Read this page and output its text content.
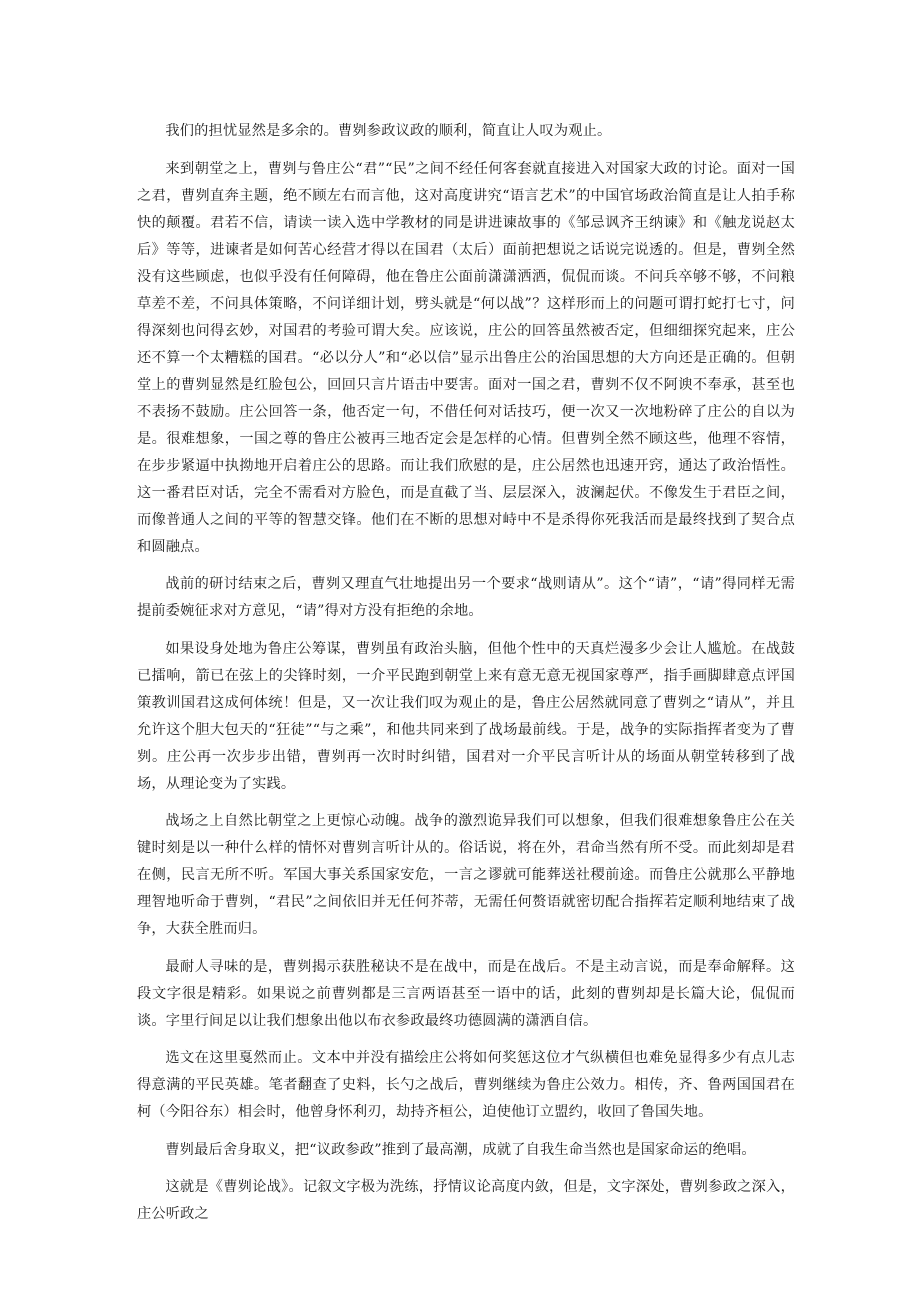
我们的担忧显然是多余的。曹刿参政议政的顺利，简直让人叹为观止。

来到朝堂之上，曹刿与鲁庄公“君”“民”之间不经任何客套就直接进入对国家大政的讨论。面对一国之君，曹刿直奔主题，绝不顾左右而言他，这对高度讲究“语言艺术”的中国官场政治简直是让人拍手称快的颠覆。君若不信，请读一读入选中学教材的同是讲进谏故事的《邹忌讽齐王纳谏》和《触龙说赵太后》等等，进谏者是如何苦心经营才得以在国君（太后）面前把想说之话说完说透的。但是，曹刿全然没有这些顾虑，也似乎没有任何障碍，他在鲁庄公面前潇潇洒洒，侃侃而谈。不问兵卒够不够，不问粮草差不差，不问具体策略，不问详细计划，劈头就是“何以战”？这样形而上的问题可谓打蛇打七寸，问得深刻也问得玄妙，对国君的考验可谓大矣。应该说，庄公的回答虽然被否定，但细细探究起来，庄公还不算一个太糟糕的国君。“必以分人”和“必以信”显示出鲁庄公的治国思想的大方向还是正确的。但朝堂上的曹刿显然是红脸包公，回回只言片语击中要害。面对一国之君，曹刿不仅不阿谀不奉承，甚至也不表扬不鼓励。庄公回答一条，他否定一句，不借任何对话技巧，便一次又一次地粉碎了庄公的自以为是。很难想象，一国之尊的鲁庄公被再三地否定会是怎样的心情。但曹刿全然不顾这些，他理不容情，在步步紧逼中执拗地开启着庄公的思路。而让我们欣慰的是，庄公居然也迅速开窍，通达了政治悟性。这一番君臣对话，完全不需看对方脸色，而是直截了当、层层深入，波澜起伏。不像发生于君臣之间，而像普通人之间的平等的智慧交锋。他们在不断的思想对峙中不是杀得你死我活而是最终找到了契合点和圆融点。

战前的研讨结束之后，曹刿又理直气壮地提出另一个要求“战则请从”。这个“请”，“请”得同样无需提前委婉征求对方意见，“请”得对方没有拒绝的余地。

如果设身处地为鲁庄公筹谋，曹刿虽有政治头脑，但他个性中的天真烂漫多少会让人尴尬。在战鼓已擂响，箭已在弦上的尖锋时刻，一介平民跑到朝堂上来有意无意无视国家尊严，指手画脚肆意点评国策教训国君这成何体统！但是，又一次让我们叹为观止的是，鲁庄公居然就同意了曹刿之“请从”，并且允许这个胆大包天的“狂徒”“与之乘”，和他共同来到了战场最前线。于是，战争的实际指挥者变为了曹刿。庄公再一次步步出错，曹刿再一次时时纠错，国君对一介平民言听计从的场面从朝堂转移到了战场，从理论变为了实践。

战场之上自然比朝堂之上更惊心动魄。战争的激烈诡异我们可以想象，但我们很难想象鲁庄公在关键时刻是以一种什么样的情怀对曹刿言听计从的。俗话说，将在外，君命当然有所不受。而此刻却是君在侧，民言无所不听。军国大事关系国家安危，一言之谬就可能葬送社稷前途。而鲁庄公就那么平静地理智地听命于曹刿，“君民”之间依旧并无任何芥蒂，无需任何赘语就密切配合指挥若定顺利地结束了战争，大获全胜而归。

最耐人寻味的是，曹刿揭示获胜秘诀不是在战中，而是在战后。不是主动言说，而是奉命解释。这段文字很是精彩。如果说之前曹刿都是三言两语甚至一语中的话，此刻的曹刿却是长篇大论，侃侃而谈。字里行间足以让我们想象出他以布衣参政最终功德圆满的潇洒自信。

选文在这里戛然而止。文本中并没有描绘庄公将如何奖惩这位才气纵横但也难免显得多少有点儿志得意满的平民英雄。笔者翻查了史料，长勺之战后，曹刿继续为鲁庄公效力。相传，齐、鲁两国国君在柯（今阳谷东）相会时，他曾身怀利刃，劫持齐桓公，迫使他订立盟约，收回了鲁国失地。

曹刿最后舍身取义，把“议政参政”推到了最高潮，成就了自我生命当然也是国家命运的绝唱。

这就是《曹刿论战》。记叙文字极为洗练，抒情议论高度内敛，但是，文字深处，曹刿参政之深入，庄公听政之
